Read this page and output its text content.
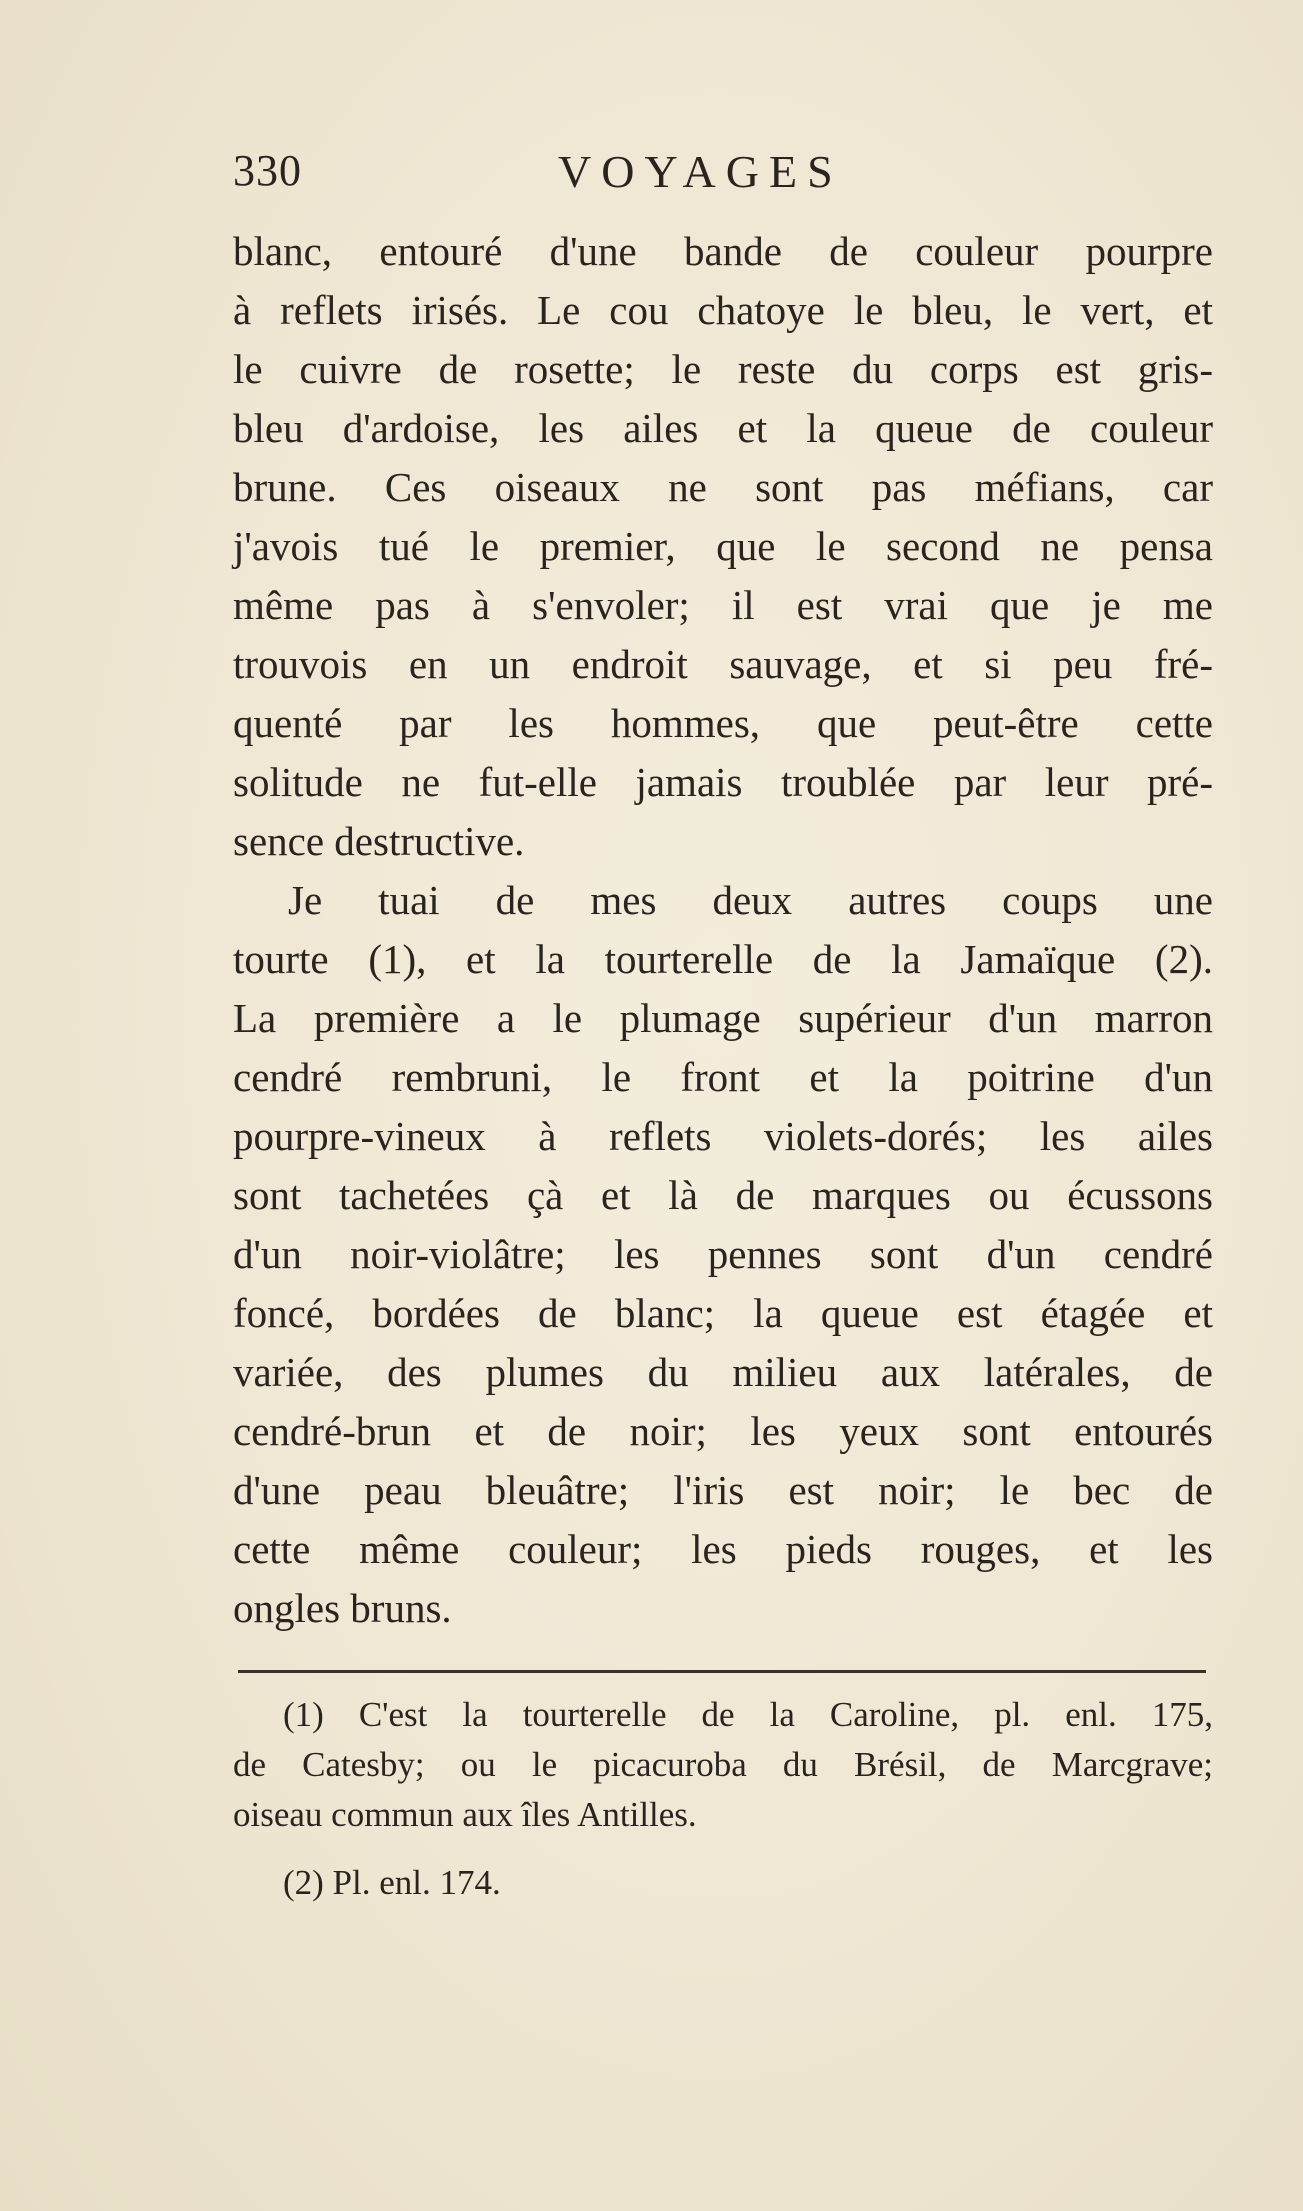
330	VOYAGES
blanc, entouré d'une bande de couleur pourpre
à reflets irisés. Le cou chatoye le bleu, le vert, et
le cuivre de rosette; le reste du corps est gris-
bleu d'ardoise, les ailes et la queue de couleur
brune. Ces oiseaux ne sont pas méfians, car
j'avois tué le premier, que le second ne pensa
même pas à s'envoler; il est vrai que je me
trouvois en un endroit sauvage, et si peu fré-
quenté par les hommes, que peut-être cette
solitude ne fut-elle jamais troublée par leur pré-
sence destructive.
Je tuai de mes deux autres coups une
tourte (1), et la tourterelle de la Jamaïque (2).
La première a le plumage supérieur d'un marron
cendré rembruni, le front et la poitrine d'un
pourpre-vineux à reflets violets-dorés; les ailes
sont tachetées çà et là de marques ou écussons
d'un noir-violâtre; les pennes sont d'un cendré
foncé, bordées de blanc; la queue est étagée et
variée, des plumes du milieu aux latérales, de
cendré-brun et de noir; les yeux sont entourés
d'une peau bleuâtre; l'iris est noir; le bec de
cette même couleur; les pieds rouges, et les
ongles bruns.
(1) C'est la tourterelle de la Caroline, pl. enl. 175,
de Catesby; ou le picacuroba du Brésil, de Marcgrave;
oiseau commun aux îles Antilles.
(2) Pl. enl. 174.
